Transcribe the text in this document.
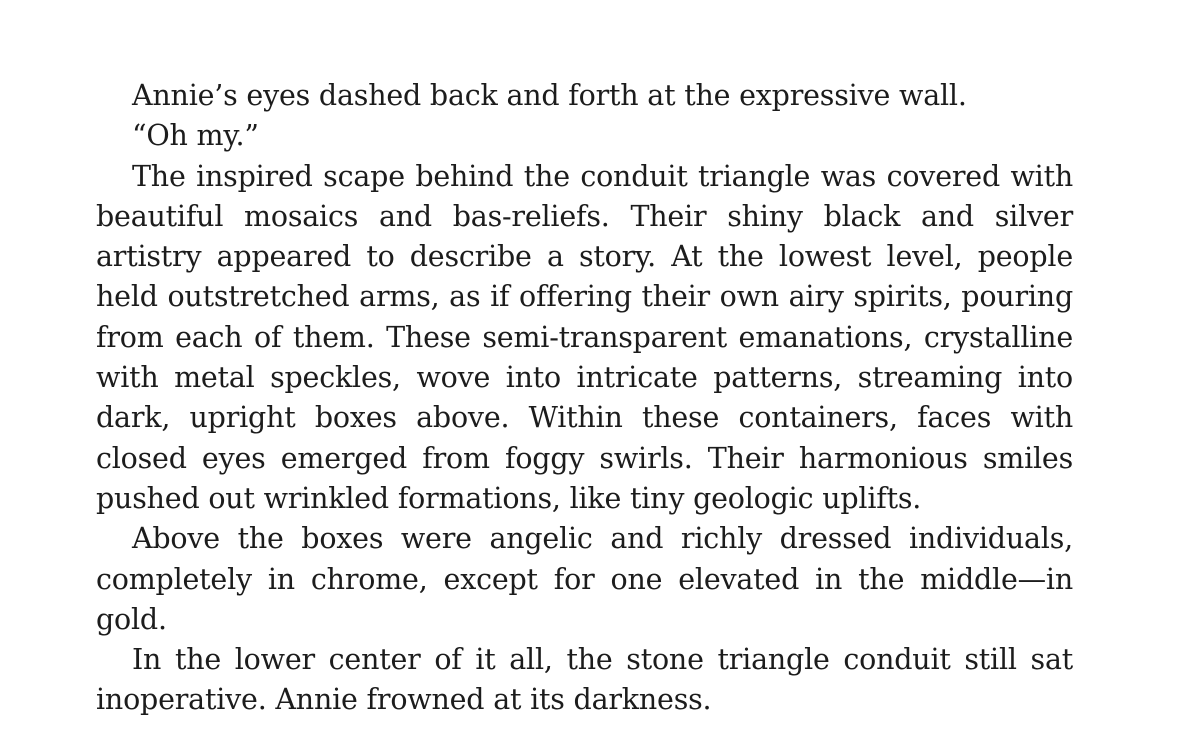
Annie’s eyes dashed back and forth at the expressive wall.

“Oh my.”

The inspired scape behind the conduit triangle was covered with beautiful mosaics and bas-reliefs. Their shiny black and silver artistry appeared to describe a story. At the lowest level, people held outstretched arms, as if offering their own airy spirits, pouring from each of them. These semi-transparent emanations, crystalline with metal speckles, wove into intricate patterns, streaming into dark, upright boxes above. Within these containers, faces with closed eyes emerged from foggy swirls. Their harmonious smiles pushed out wrinkled formations, like tiny geologic uplifts.

Above the boxes were angelic and richly dressed individuals, completely in chrome, except for one elevated in the middle—in gold.

In the lower center of it all, the stone triangle conduit still sat inoperative. Annie frowned at its darkness.
